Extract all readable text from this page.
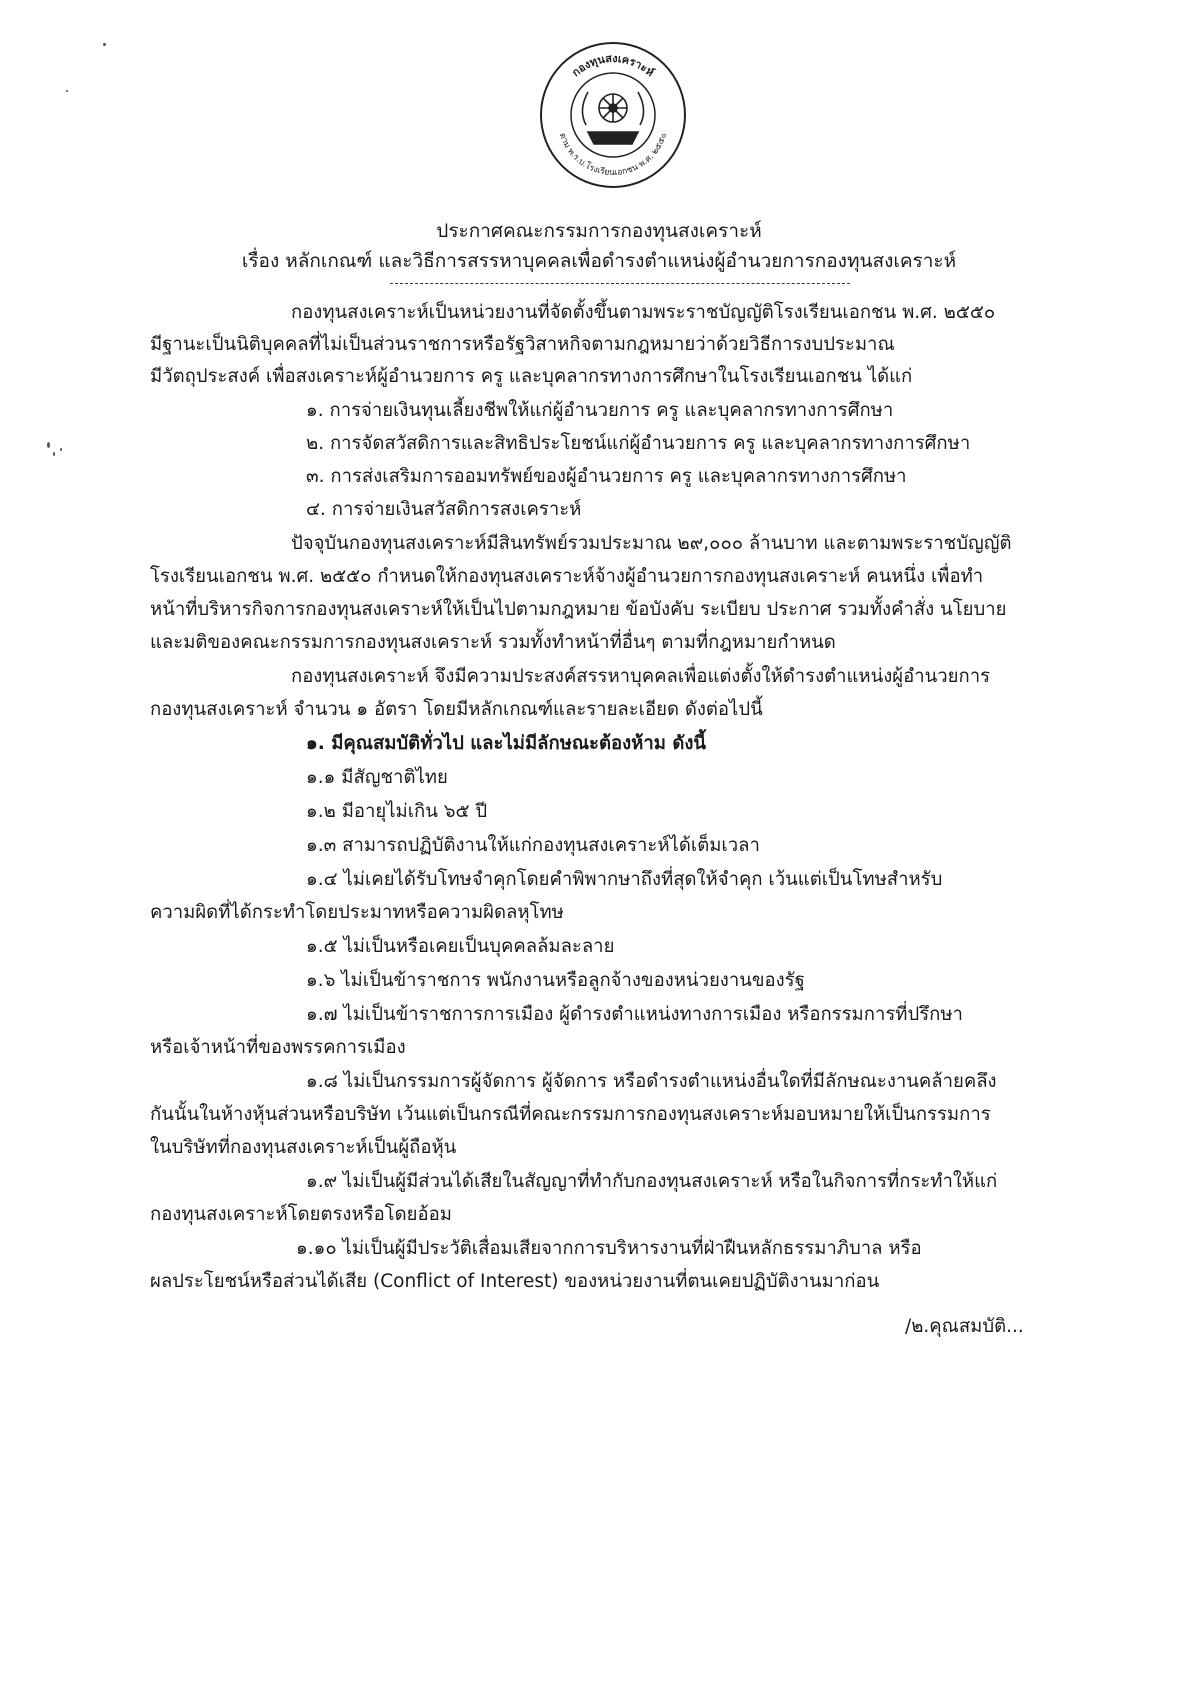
กองทุนสงเคราะห์
ตาม พ.ร.บ.โรงเรียนเอกชน พ.ศ. ๒๕๕๐
ประกาศคณะกรรมการกองทุนสงเคราะห์
เรื่อง หลักเกณฑ์ และวิธีการสรรหาบุคคลเพื่อดำรงตำแหน่งผู้อำนวยการกองทุนสงเคราะห์
กองทุนสงเคราะห์เป็นหน่วยงานที่จัดตั้งขึ้นตามพระราชบัญญัติโรงเรียนเอกชน พ.ศ. ๒๕๕๐
มีฐานะเป็นนิติบุคคลที่ไม่เป็นส่วนราชการหรือรัฐวิสาหกิจตามกฎหมายว่าด้วยวิธีการงบประมาณ
มีวัตถุประสงค์ เพื่อสงเคราะห์ผู้อำนวยการ ครู และบุคลากรทางการศึกษาในโรงเรียนเอกชน ได้แก่
๑. การจ่ายเงินทุนเลี้ยงชีพให้แก่ผู้อำนวยการ ครู และบุคลากรทางการศึกษา
๒. การจัดสวัสดิการและสิทธิประโยชน์แก่ผู้อำนวยการ ครู และบุคลากรทางการศึกษา
๓. การส่งเสริมการออมทรัพย์ของผู้อำนวยการ ครู และบุคลากรทางการศึกษา
๔. การจ่ายเงินสวัสดิการสงเคราะห์
ปัจจุบันกองทุนสงเคราะห์มีสินทรัพย์รวมประมาณ ๒๙,๐๐๐ ล้านบาท และตามพระราชบัญญัติ
โรงเรียนเอกชน พ.ศ. ๒๕๕๐ กำหนดให้กองทุนสงเคราะห์จ้างผู้อำนวยการกองทุนสงเคราะห์ คนหนึ่ง เพื่อทำ
หน้าที่บริหารกิจการกองทุนสงเคราะห์ให้เป็นไปตามกฎหมาย ข้อบังคับ ระเบียบ ประกาศ รวมทั้งคำสั่ง นโยบาย
และมติของคณะกรรมการกองทุนสงเคราะห์ รวมทั้งทำหน้าที่อื่นๆ ตามที่กฎหมายกำหนด
กองทุนสงเคราะห์ จึงมีความประสงค์สรรหาบุคคลเพื่อแต่งตั้งให้ดำรงตำแหน่งผู้อำนวยการ
กองทุนสงเคราะห์ จำนวน ๑ อัตรา โดยมีหลักเกณฑ์และรายละเอียด ดังต่อไปนี้
๑. มีคุณสมบัติทั่วไป และไม่มีลักษณะต้องห้าม ดังนี้
๑.๑ มีสัญชาติไทย
๑.๒ มีอายุไม่เกิน ๖๕ ปี
๑.๓ สามารถปฏิบัติงานให้แก่กองทุนสงเคราะห์ได้เต็มเวลา
๑.๔ ไม่เคยได้รับโทษจำคุกโดยคำพิพากษาถึงที่สุดให้จำคุก เว้นแต่เป็นโทษสำหรับ
ความผิดที่ได้กระทำโดยประมาทหรือความผิดลหุโทษ
๑.๕ ไม่เป็นหรือเคยเป็นบุคคลล้มละลาย
๑.๖ ไม่เป็นข้าราชการ พนักงานหรือลูกจ้างของหน่วยงานของรัฐ
๑.๗ ไม่เป็นข้าราชการการเมือง ผู้ดำรงตำแหน่งทางการเมือง หรือกรรมการที่ปรึกษา
หรือเจ้าหน้าที่ของพรรคการเมือง
๑.๘ ไม่เป็นกรรมการผู้จัดการ ผู้จัดการ หรือดำรงตำแหน่งอื่นใดที่มีลักษณะงานคล้ายคลึง
กันนั้นในห้างหุ้นส่วนหรือบริษัท เว้นแต่เป็นกรณีที่คณะกรรมการกองทุนสงเคราะห์มอบหมายให้เป็นกรรมการ
ในบริษัทที่กองทุนสงเคราะห์เป็นผู้ถือหุ้น
๑.๙ ไม่เป็นผู้มีส่วนได้เสียในสัญญาที่ทำกับกองทุนสงเคราะห์ หรือในกิจการที่กระทำให้แก่
กองทุนสงเคราะห์โดยตรงหรือโดยอ้อม
๑.๑๐ ไม่เป็นผู้มีประวัติเสื่อมเสียจากการบริหารงานที่ฝ่าฝืนหลักธรรมาภิบาล หรือ
ผลประโยชน์หรือส่วนได้เสีย (Conflict of Interest) ของหน่วยงานที่ตนเคยปฏิบัติงานมาก่อน
/๒.คุณสมบัติ...
